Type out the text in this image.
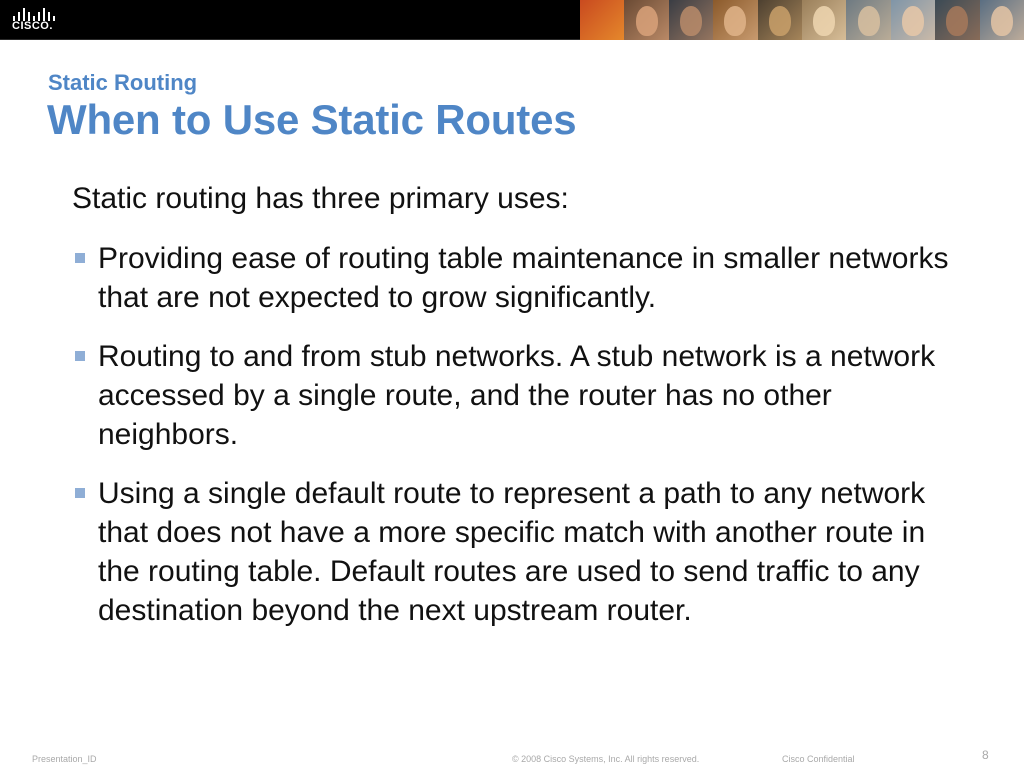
CISCO.
Static Routing
When to Use Static Routes
Static routing has three primary uses:
Providing ease of routing table maintenance in smaller networks that are not expected to grow significantly.
Routing to and from stub networks. A stub network is a network accessed by a single route, and the router has no other neighbors.
Using a single default route to represent a path to any network that does not have a more specific match with another route in the routing table. Default routes are used to send traffic to any destination beyond the next upstream router.
Presentation_ID	© 2008 Cisco Systems, Inc. All rights reserved.	Cisco Confidential	8
